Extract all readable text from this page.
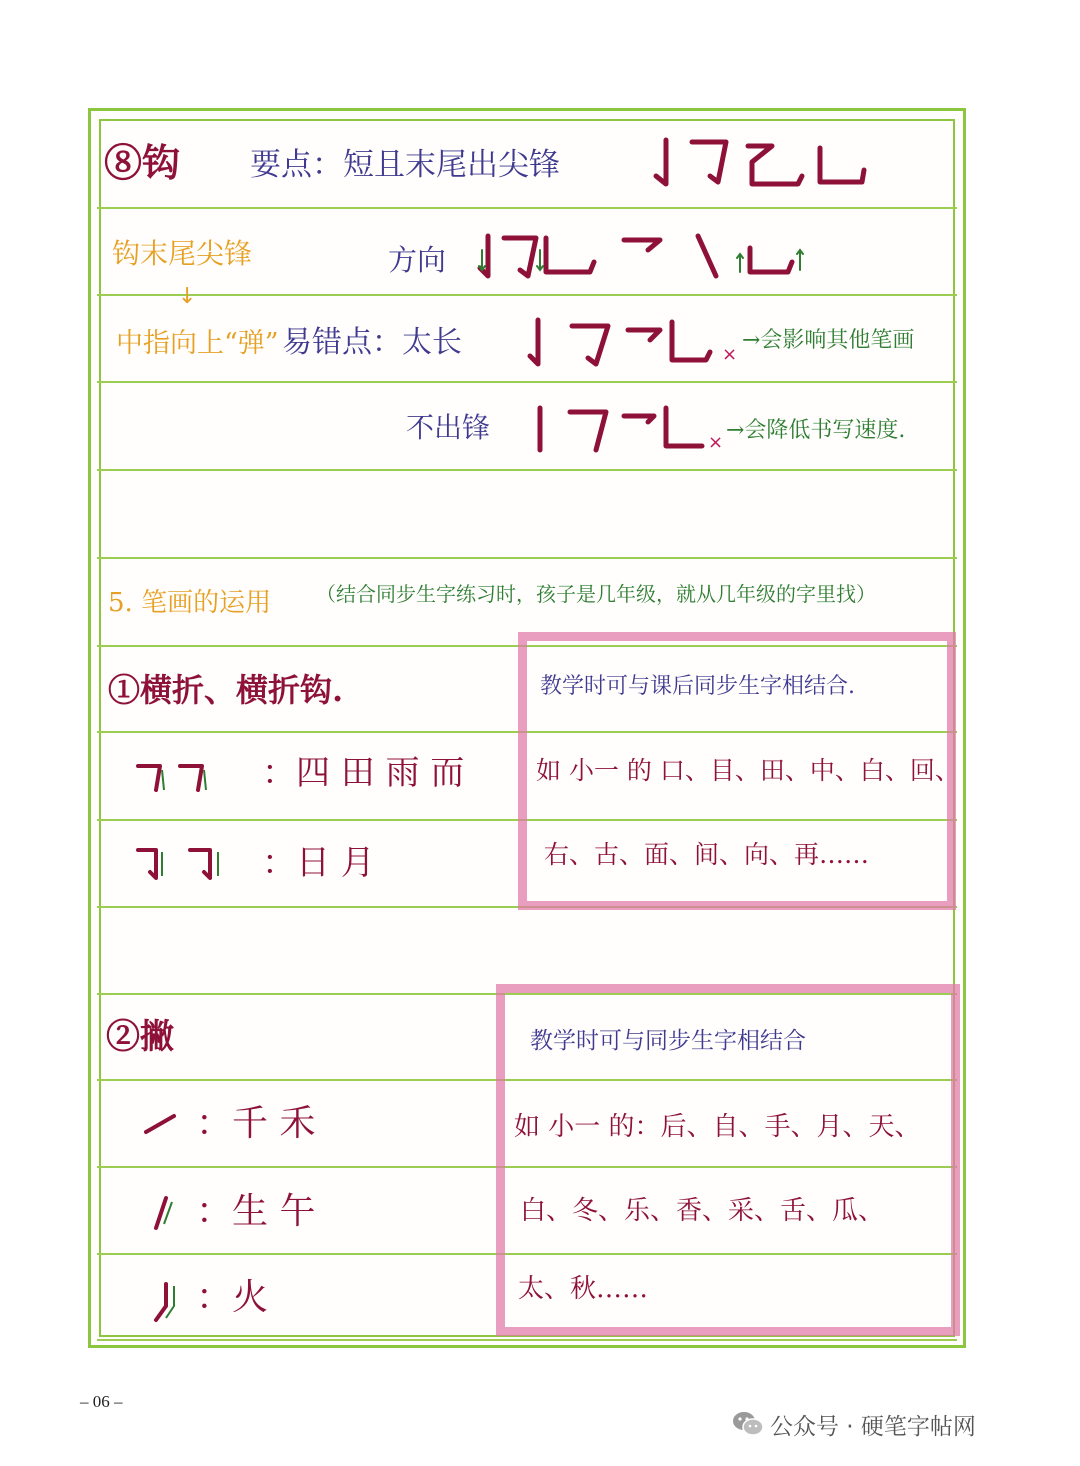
⑧钩 要点：短且末尾出尖锋
钩末尾尖锋
↓
中指向上“弹”
方向
易错点：太长	×
→会影响其他笔画
不出锋	× →会降低书写速度.
5. 笔画的运用 （结合同步生字练习时，孩子是几年级，就从几年级的字里找）
①横折、横折钩.
：四 田 雨 而
：日 月
教学时可与课后同步生字相结合.
如 小一 的 口、目、田、中、白、回、
右、古、面、间、向、再……
②撇
：千 禾
：生 午
：火
教学时可与同步生字相结合
如 小一 的：后、自、手、月、天、
白、冬、乐、香、采、舌、瓜、
太、秋……
– 06 –
公众号 · 硬笔字帖网
